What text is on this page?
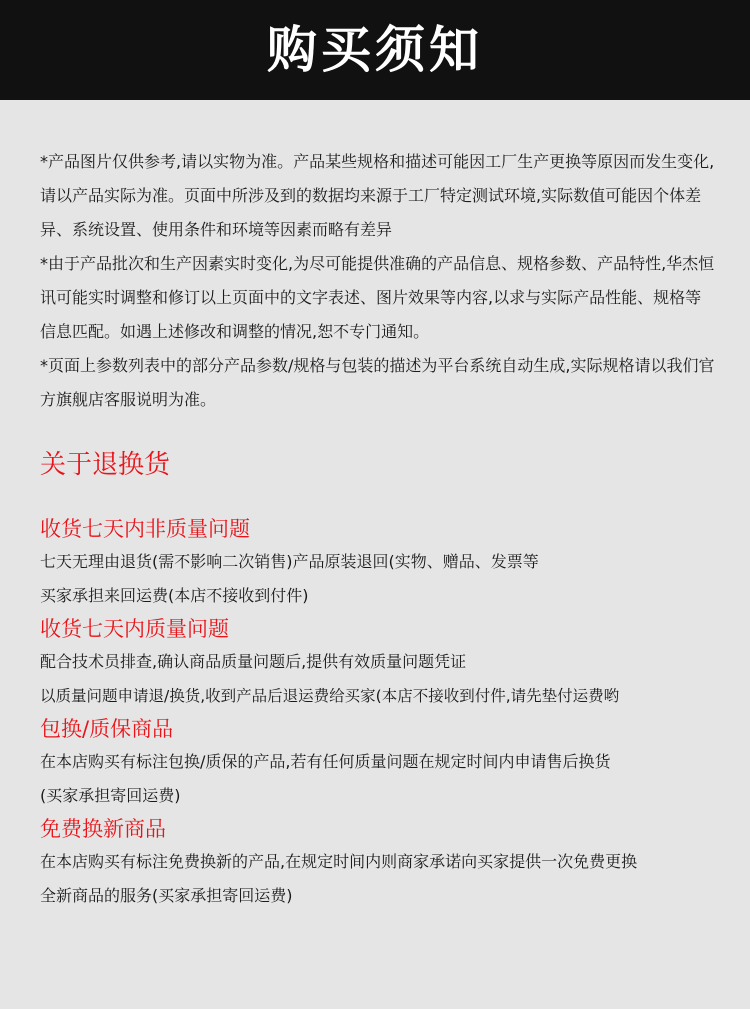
购买须知

*产品图片仅供参考,请以实物为准。产品某些规格和描述可能因工厂生产更换等原因而发生变化,请以产品实际为准。页面中所涉及到的数据均来源于工厂特定测试环境,实际数值可能因个体差异、系统设置、使用条件和环境等因素而略有差异

*由于产品批次和生产因素实时变化,为尽可能提供准确的产品信息、规格参数、产品特性,华杰恒讯可能实时调整和修订以上页面中的文字表述、图片效果等内容,以求与实际产品性能、规格等信息匹配。如遇上述修改和调整的情况,恕不专门通知。

*页面上参数列表中的部分产品参数/规格与包装的描述为平台系统自动生成,实际规格请以我们官方旗舰店客服说明为准。

关于退换货
收货七天内非质量问题

七天无理由退货(需不影响二次销售)产品原装退回(实物、赠品、发票等

买家承担来回运费(本店不接收到付件)

收货七天内质量问题

配合技术员排查,确认商品质量问题后,提供有效质量问题凭证

以质量问题申请退/换货,收到产品后退运费给买家(本店不接收到付件,请先垫付运费哟

包换/质保商品

在本店购买有标注包换/质保的产品,若有任何质量问题在规定时间内申请售后换货

(买家承担寄回运费)

免费换新商品

在本店购买有标注免费换新的产品,在规定时间内则商家承诺向买家提供一次免费更换

全新商品的服务(买家承担寄回运费)
